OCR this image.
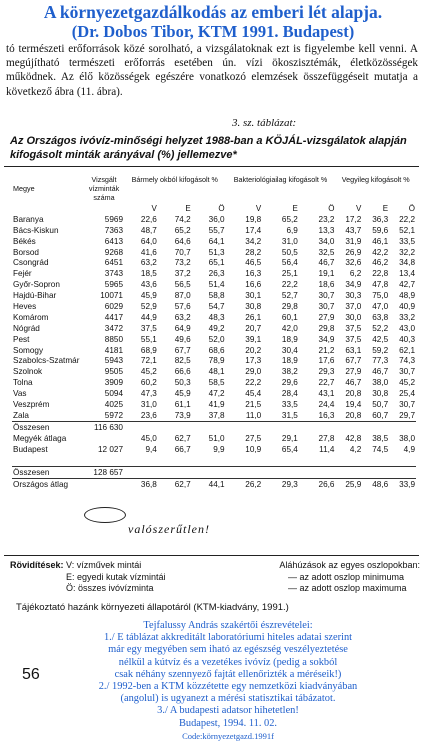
A környezetgazdálkodás az emberi lét alapja.
(Dr. Dobos Tibor, KTM 1991. Budapest)
tó természeti erőforrások közé sorolható, a vizsgálatoknak ezt is figyelembe kell venni. A megújítható természeti erőforrás esetében ún. vízi ökoszisztémák, életközösségek működnek. Az élő közösségek egészére vonatkozó elemzések összefüggéseit mutatja a következő ábra (11. ábra).
3. sz. táblázat:
Az Országos ivóvíz-minőségi helyzet 1988-ban a KÖJÁL-vizsgálatok alapján kifogásolt minták arányával (%) jellemezve*
Megye	Vizsgált vízminták száma	Bármely okból kifogásolt %			Bakteriológiailag kifogásolt %			Vegyileg kifogásolt %		
		V	E	Ö	V	E	Ö	V	E	Ö
Baranya	5969	22,6	74,2	36,0	19,8	65,2	23,2	17,2	36,3	22,2
Bács-Kiskun	7363	48,7	65,2	55,7	17,4	6,9	13,3	43,7	59,6	52,1
Békés	6413	64,0	64,6	64,1	34,2	31,0	34,0	31,9	46,1	33,5
Borsod	9268	41,6	70,7	51,3	28,2	50,5	32,5	26,9	42,2	32,2
Csongrád	6451	63,2	73,2	65,1	46,5	56,4	46,7	32,6	46,2	34,8
Fejér	3743	18,5	37,2	26,3	16,3	25,1	19,1	6,2	22,8	13,4
Győr-Sopron	5965	43,6	56,5	51,4	16,6	22,2	18,6	34,9	47,8	42,7
Hajdú-Bihar	10071	45,9	87,0	58,8	30,1	52,7	30,7	30,3	75,0	48,9
Heves	6029	52,9	57,6	54,7	30,8	29,8	30,7	37,0	47,0	40,9
Komárom	4417	44,9	63,2	48,3	26,1	60,1	27,9	30,0	63,8	33,2
Nógrád	3472	37,5	64,9	49,2	20,7	42,0	29,8	37,5	52,2	43,0
Pest	8850	55,1	49,6	52,0	39,1	18,9	34,9	37,5	42,5	40,3
Somogy	4181	68,9	67,7	68,6	20,2	30,4	21,2	63,1	59,2	62,1
Szabolcs-Szatmár	5943	72,1	82,5	78,9	17,3	18,9	17,6	67,7	77,3	74,3
Szolnok	9505	45,2	66,6	48,1	29,0	38,2	29,3	27,9	46,7	30,7
Tolna	3909	60,2	50,3	58,5	22,2	29,6	22,7	46,7	38,0	45,2
Vas	5094	47,3	45,9	47,2	45,4	28,4	43,1	20,8	30,8	25,4
Veszprém	4025	31,0	61,1	41,9	21,5	33,5	24,4	19,4	50,7	30,7
Zala	5972	23,6	73,9	37,8	11,0	31,5	16,3	20,8	60,7	29,7
Összesen	116 630									
Megyék átlaga		45,0	62,7	51,0	27,5	29,1	27,8	42,8	38,5	38,0
Budapest	12 027	9,4	66,7	9,9	10,9	65,4	11,4	4,2	74,5	4,9

Összesen	128 657									
Országos átlag		36,8	62,7	44,1	26,2	29,3	26,6	25,9	48,6	33,9
valószerűtlen!
Rövidítések: V: vízművek mintái	Aláhúzások az egyes oszlopokban:
E: egyedi kutak vízmintái	— az adott oszlop minimuma
Ö: összes ivóvízminta	— az adott oszlop maximuma
Tájékoztató hazánk környezeti állapotáról (KTM-kiadvány, 1991.)
Tejfalussy András szakértői észrevételei:
1./ E táblázat akkreditált laboratóriumi hiteles adatai szerint
már egy megyében sem iható az egészség veszélyeztetése
nélkül a kútvíz és a vezetékes ivóvíz (pedig a sokból
csak néhány szennyező fajtát ellenőrizték a méréseik!)
2./ 1992-ben a KTM közzétette egy nemzetközi kiadványában
(angolul) is ugyanezt a mérési statisztikai tábázatot.
3./ A budapesti adatsor hihetetlen!
Budapest, 1994. 11. 02.
Code:környezetgazd.1991f
56
